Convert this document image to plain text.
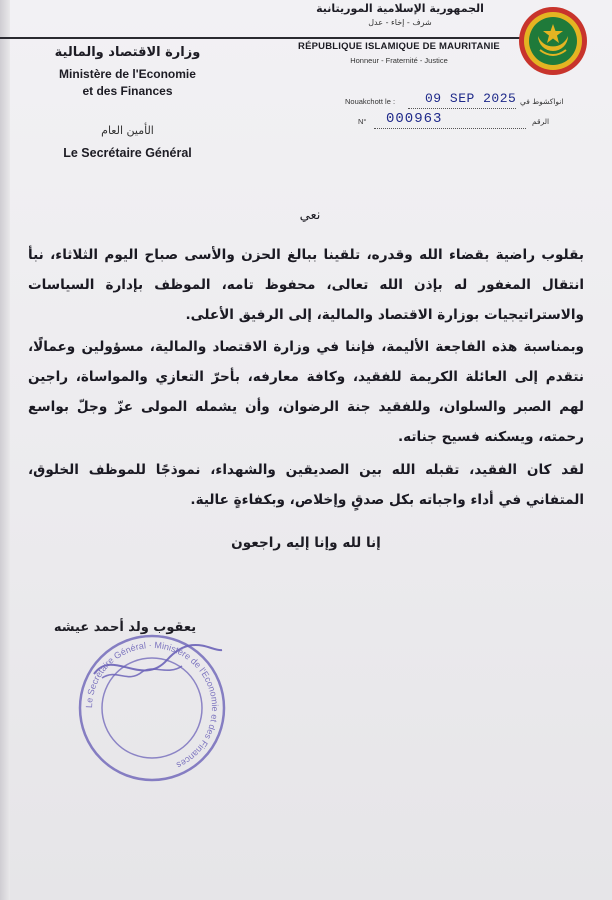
الجمهورية الإسلامية الموريتانية
شرف - إخاء - عدل
RÉPUBLIQUE ISLAMIQUE DE MAURITANIE
Honneur - Fraternité - Justice
وزارة الاقتصاد والمالية
Ministère de l'Economie
et des Finances
الأمين العام
Le Secrétaire Général
Nouakchott le : 09 SEP 2025 انواكشوط في
N° 000963	الرقم
نعي
بقلوب راضية بقضاء الله وقدره، تلقينا ببالغ الحزن والأسى صباح اليوم الثلاثاء، نبأ انتقال المغفور له بإذن الله تعالى، محفوظ تامه، الموظف بإدارة السياسات والاستراتيجيات بوزارة الاقتصاد والمالية، إلى الرفيق الأعلى.
وبمناسبة هذه الفاجعة الأليمة، فإننا في وزارة الاقتصاد والمالية، مسؤولين وعمالًا، نتقدم إلى العائلة الكريمة للفقيد، وكافة معارفه، بأحرّ التعازي والمواساة، راجين لهم الصبر والسلوان، وللفقيد جنة الرضوان، وأن يشمله المولى عزّ وجلّ بواسع رحمته، ويسكنه فسيح جناته.
لقد كان الفقيد، تقبله الله بين الصديقين والشهداء، نموذجًا للموظف الخلوق، المتفاني في أداء واجباته بكل صدقٍ وإخلاص، وبكفاءةٍ عالية.
إنا لله وإنا إليه راجعون
يعقوب ولد أحمد عيشه
Le Secrétaire Général · Ministère de l'Economie et des Finances
